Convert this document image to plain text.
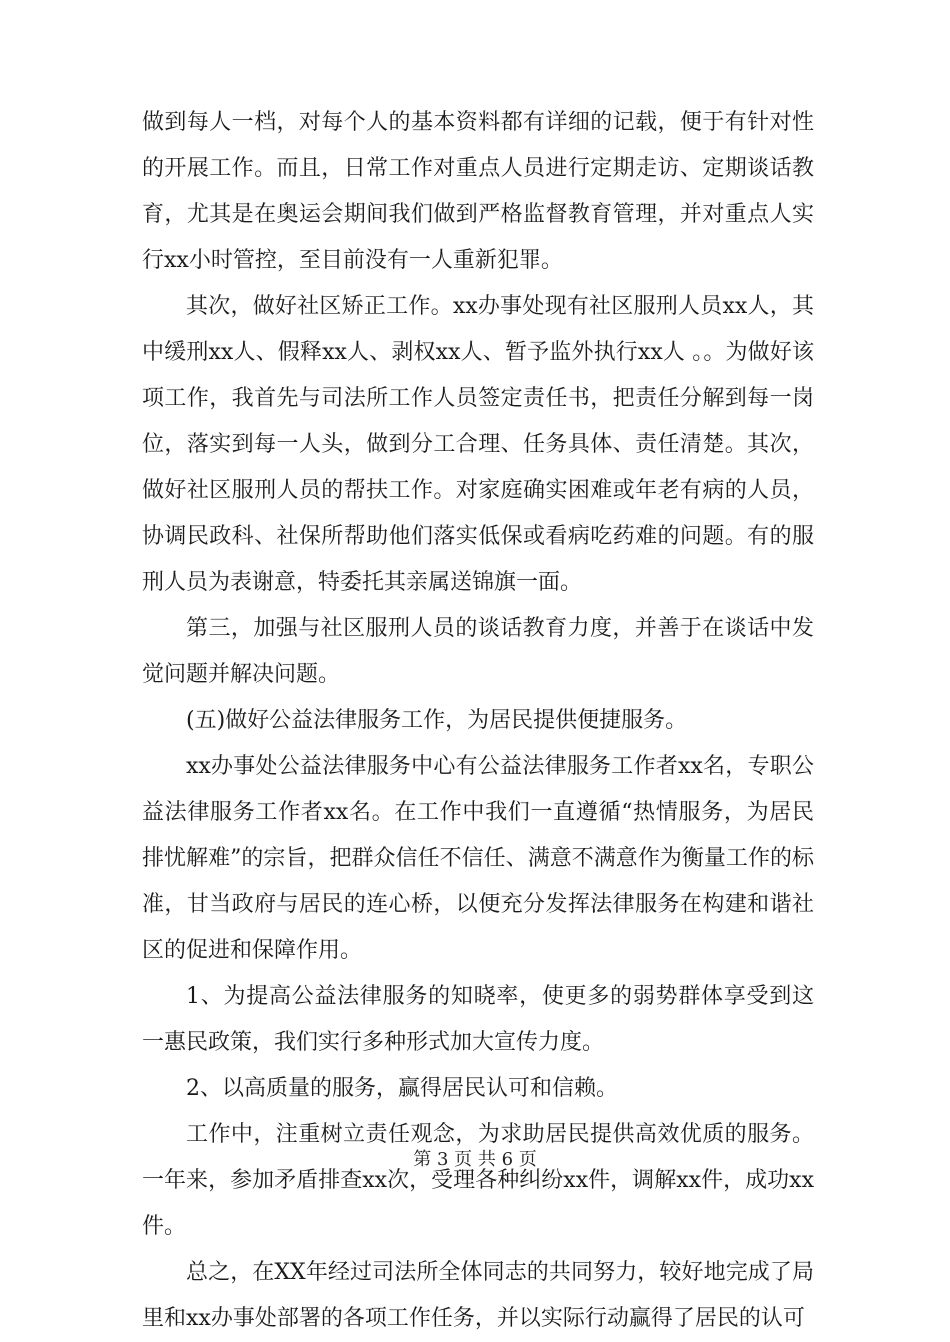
做到每人一档，对每个人的基本资料都有详细的记载，便于有针对性的开展工作。而且，日常工作对重点人员进行定期走访、定期谈话教育，尤其是在奥运会期间我们做到严格监督教育管理，并对重点人实行xx小时管控，至目前没有一人重新犯罪。

其次，做好社区矫正工作。xx办事处现有社区服刑人员xx人，其中缓刑xx人、假释xx人、剥权xx人、暂予监外执行xx人 。。为做好该项工作，我首先与司法所工作人员签定责任书，把责任分解到每一岗位，落实到每一人头，做到分工合理、任务具体、责任清楚。其次，做好社区服刑人员的帮扶工作。对家庭确实困难或年老有病的人员，协调民政科、社保所帮助他们落实低保或看病吃药难的问题。有的服刑人员为表谢意，特委托其亲属送锦旗一面。

第三，加强与社区服刑人员的谈话教育力度，并善于在谈话中发觉问题并解决问题。

(五)做好公益法律服务工作，为居民提供便捷服务。

xx办事处公益法律服务中心有公益法律服务工作者xx名，专职公益法律服务工作者xx名。在工作中我们一直遵循“热情服务，为居民排忧解难”的宗旨，把群众信任不信任、满意不满意作为衡量工作的标准，甘当政府与居民的连心桥，以便充分发挥法律服务在构建和谐社区的促进和保障作用。

1、为提高公益法律服务的知晓率，使更多的弱势群体享受到这一惠民政策，我们实行多种形式加大宣传力度。

2、以高质量的服务，赢得居民认可和信赖。

工作中，注重树立责任观念，为求助居民提供高效优质的服务。一年来，参加矛盾排查xx次，受理各种纠纷xx件，调解xx件，成功xx件。

总之，在XX年经过司法所全体同志的共同努力，较好地完成了局里和xx办事处部署的各项工作任务，并以实际行动赢得了居民的认可

第 3 页 共 6 页
